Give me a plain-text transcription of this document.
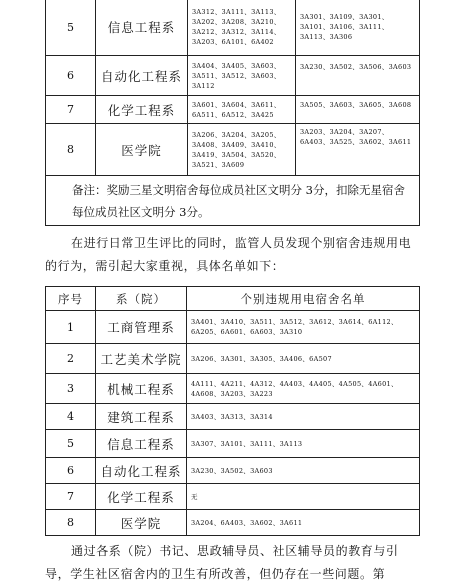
5	信息工程系	3A312、3A111、3A113、3A202、3A208、3A210、3A212、3A312、3A114、3A203、6A101、6A402	3A301、3A109、3A301、3A101、3A106、3A111、3A113、3A306
6	自动化工程系	3A404、3A405、3A603、3A511、3A512、3A603、3A112	3A230、3A502、3A506、3A603
7	化学工程系	3A601、3A604、3A611、6A511、6A512、3A425	3A505、3A603、3A605、3A608
8	医学院	3A206、3A204、3A205、3A408、3A409、3A410、3A419、3A504、3A520、3A521、3A609	3A203、3A204、3A207、6A403、3A525、3A602、3A611
备注：奖励三星文明宿舍每位成员社区文明分 3分，扣除无星宿舍每位成员社区文明分 3分。			
在进行日常卫生评比的同时，监管人员发现个别宿舍违规用电的行为，需引起大家重视，具体名单如下：
序号	系（院）	个别违规用电宿舍名单
1	工商管理系	3A401、3A410、3A511、3A512、3A612、3A614、6A112、6A205、6A601、6A603、3A310
2	工艺美术学院	3A206、3A301、3A305、3A406、6A507
3	机械工程系	4A111、4A211、4A312、4A403、4A405、4A505、4A601、4A608、3A203、3A223
4	建筑工程系	3A403、3A313、3A314
5	信息工程系	3A307、3A101、3A111、3A113
6	自动化工程系	3A230、3A502、3A603
7	化学工程系	无
8	医学院	3A204、6A403、3A602、3A611
通过各系（院）书记、思政辅导员、社区辅导员的教育与引导，学生社区宿舍内的卫生有所改善，但仍存在一些问题。第
